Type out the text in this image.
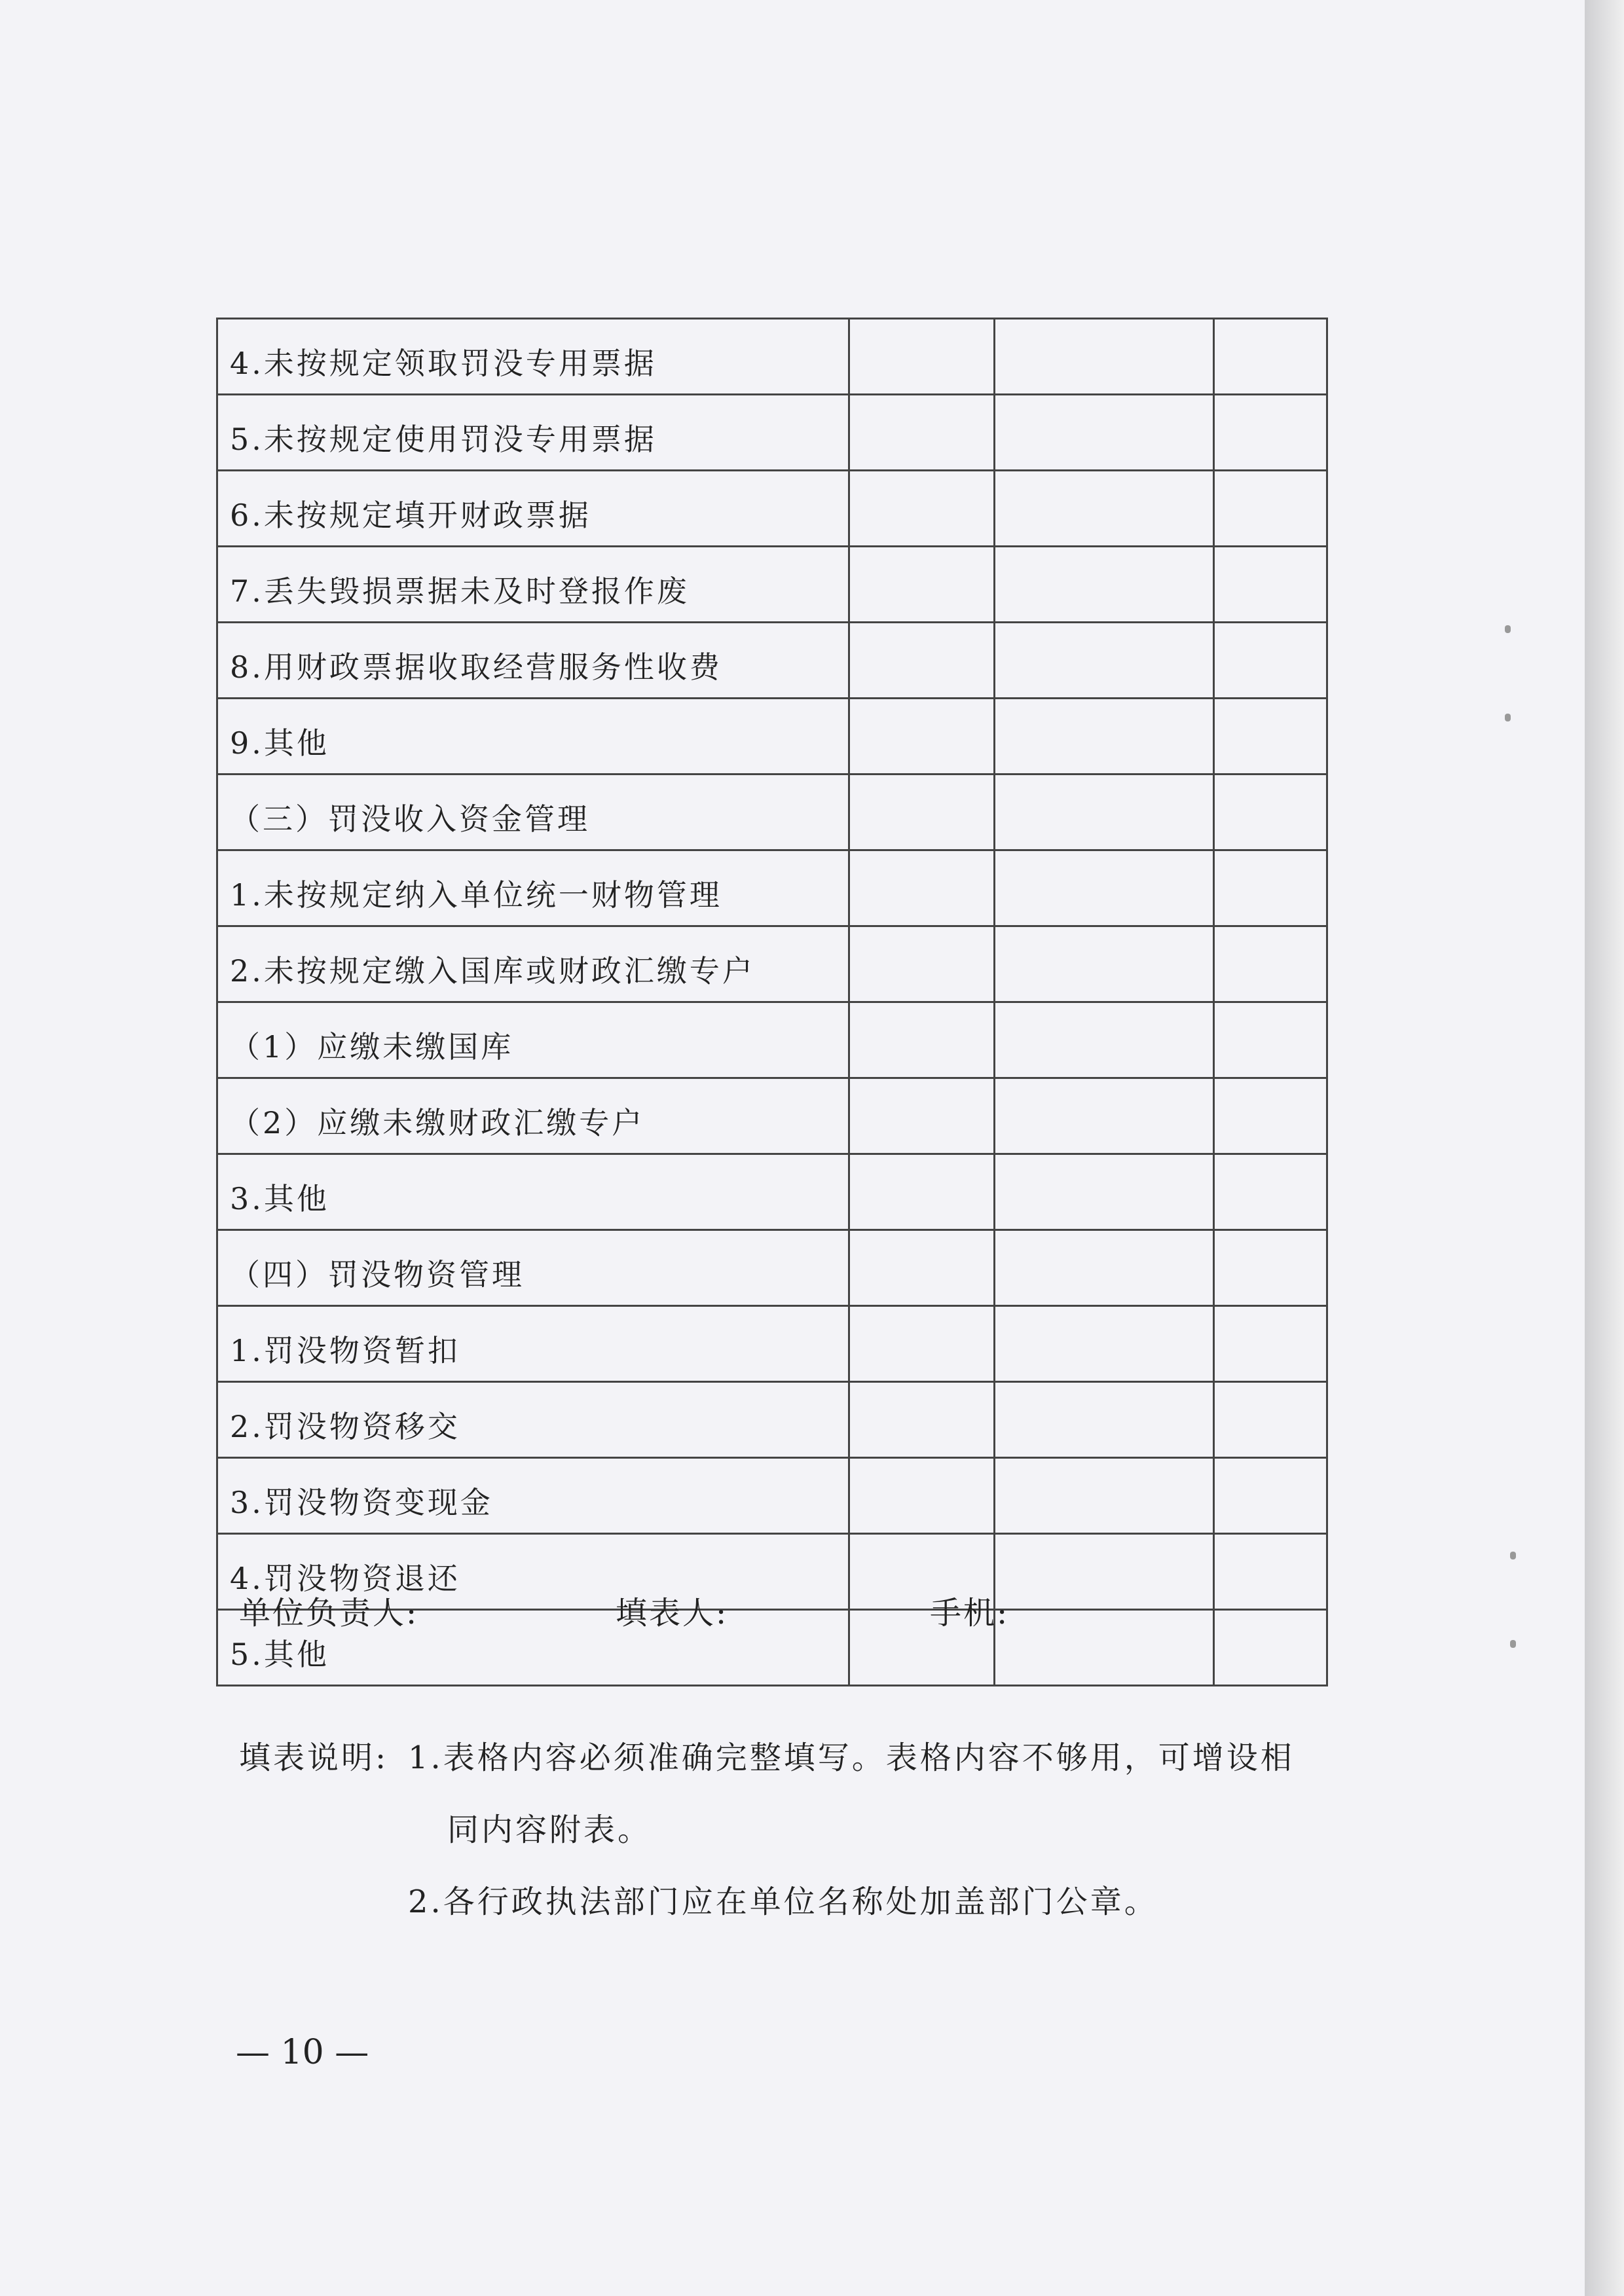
4.未按规定领取罚没专用票据			
5.未按规定使用罚没专用票据			
6.未按规定填开财政票据			
7.丢失毁损票据未及时登报作废			
8.用财政票据收取经营服务性收费			
9.其他			
（三）罚没收入资金管理			
1.未按规定纳入单位统一财物管理			
2.未按规定缴入国库或财政汇缴专户			
（1）应缴未缴国库			
（2）应缴未缴财政汇缴专户			
3.其他			
（四）罚没物资管理			
1.罚没物资暂扣			
2.罚没物资移交			
3.罚没物资变现金			
4.罚没物资退还			
5.其他			
单位负责人:	填表人:	手机:
填表说明: 1.表格内容必须准确完整填写。表格内容不够用，可增设相
同内容附表。
2.各行政执法部门应在单位名称处加盖部门公章。
— 10 —
